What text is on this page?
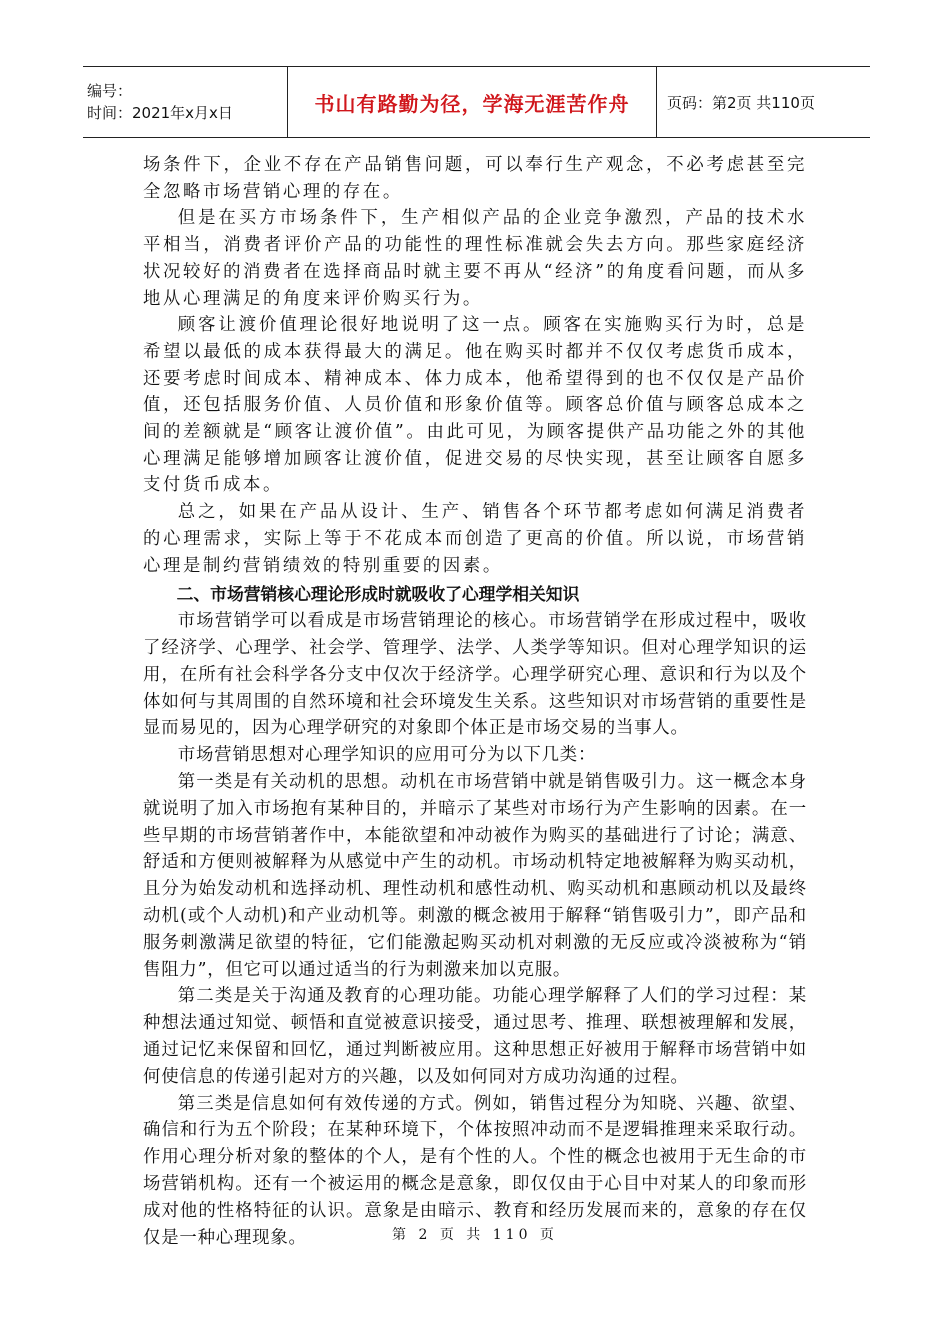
编号：
时间：2021年x月x日	书山有路勤为径，学海无涯苦作舟	页码：第2页 共110页

场条件下，企业不存在产品销售问题，可以奉行生产观念，不必考虑甚至完全忽略市场营销心理的存在。

但是在买方市场条件下，生产相似产品的企业竞争激烈，产品的技术水平相当，消费者评价产品的功能性的理性标准就会失去方向。那些家庭经济状况较好的消费者在选择商品时就主要不再从“经济”的角度看问题，而从多地从心理满足的角度来评价购买行为。

顾客让渡价值理论很好地说明了这一点。顾客在实施购买行为时，总是希望以最低的成本获得最大的满足。他在购买时都并不仅仅考虑货币成本，还要考虑时间成本、精神成本、体力成本，他希望得到的也不仅仅是产品价值，还包括服务价值、人员价值和形象价值等。顾客总价值与顾客总成本之间的差额就是“顾客让渡价值”。由此可见，为顾客提供产品功能之外的其他心理满足能够增加顾客让渡价值，促进交易的尽快实现，甚至让顾客自愿多支付货币成本。

总之，如果在产品从设计、生产、销售各个环节都考虑如何满足消费者的心理需求，实际上等于不花成本而创造了更高的价值。所以说，市场营销心理是制约营销绩效的特别重要的因素。

二、市场营销核心理论形成时就吸收了心理学相关知识

市场营销学可以看成是市场营销理论的核心。市场营销学在形成过程中，吸收了经济学、心理学、社会学、管理学、法学、人类学等知识。但对心理学知识的运用，在所有社会科学各分支中仅次于经济学。心理学研究心理、意识和行为以及个体如何与其周围的自然环境和社会环境发生关系。这些知识对市场营销的重要性是显而易见的，因为心理学研究的对象即个体正是市场交易的当事人。

市场营销思想对心理学知识的应用可分为以下几类：

第一类是有关动机的思想。动机在市场营销中就是销售吸引力。这一概念本身就说明了加入市场抱有某种目的，并暗示了某些对市场行为产生影响的因素。在一些早期的市场营销著作中，本能欲望和冲动被作为购买的基础进行了讨论；满意、舒适和方便则被解释为从感觉中产生的动机。市场动机特定地被解释为购买动机，且分为始发动机和选择动机、理性动机和感性动机、购买动机和惠顾动机以及最终动机(或个人动机)和产业动机等。刺激的概念被用于解释“销售吸引力”，即产品和服务刺激满足欲望的特征，它们能激起购买动机对刺激的无反应或冷淡被称为“销售阻力”，但它可以通过适当的行为刺激来加以克服。

第二类是关于沟通及教育的心理功能。功能心理学解释了人们的学习过程：某种想法通过知觉、顿悟和直觉被意识接受，通过思考、推理、联想被理解和发展，通过记忆来保留和回忆，通过判断被应用。这种思想正好被用于解释市场营销中如何使信息的传递引起对方的兴趣，以及如何同对方成功沟通的过程。

第三类是信息如何有效传递的方式。例如，销售过程分为知晓、兴趣、欲望、确信和行为五个阶段；在某种环境下，个体按照冲动而不是逻辑推理来采取行动。作用心理分析对象的整体的个人，是有个性的人。个性的概念也被用于无生命的市场营销机构。还有一个被运用的概念是意象，即仅仅由于心目中对某人的印象而形成对他的性格特征的认识。意象是由暗示、教育和经历发展而来的，意象的存在仅仅是一种心理现象。	第 2 页 共 110 页
